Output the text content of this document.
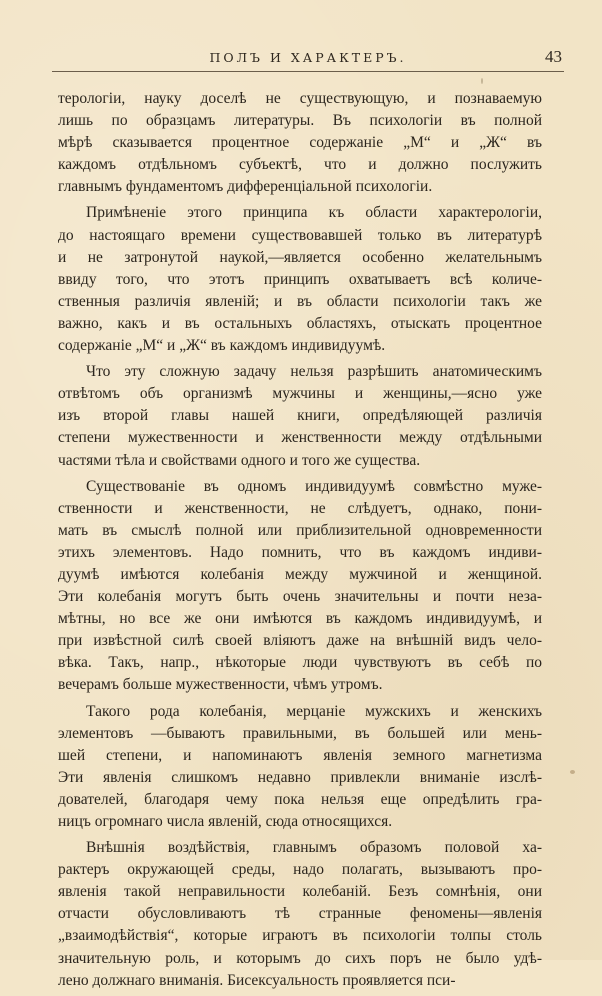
ПОЛЪ И ХАРАКТЕРЪ.	43

терологіи, науку доселѣ не существующую, и познаваемую
лишь по образцамъ литературы. Въ психологіи въ полной
мѣрѣ сказывается процентное содержаніе „М“ и „Ж“ въ
каждомъ отдѣльномъ субъектѣ, что и должно послужить
главнымъ фундаментомъ дифференціальной психологіи.

Примѣненіе этого принципа къ области характерологіи,
до настоящаго времени существовавшей только въ литературѣ
и не затронутой наукой,—является особенно желательнымъ
ввиду того, что этотъ принципъ охватываетъ всѣ количе-
ственныя различія явленій; и въ области психологіи такъ же
важно, какъ и въ остальныхъ областяхъ, отыскать процентное
содержаніе „М“ и „Ж“ въ каждомъ индивидуумѣ.

Что эту сложную задачу нельзя разрѣшить анатомическимъ
отвѣтомъ объ организмѣ мужчины и женщины,—ясно уже
изъ второй главы нашей книги, опредѣляющей различія
степени мужественности и женственности между отдѣльными
частями тѣла и свойствами одного и того же существа.

Существованіе въ одномъ индивидуумѣ совмѣстно муже-
ственности и женственности, не слѣдуетъ, однако, пони-
мать въ смыслѣ полной или приблизительной одновременности
этихъ элементовъ. Надо помнить, что въ каждомъ индиви-
дуумѣ имѣются колебанія между мужчиной и женщиной.
Эти колебанія могутъ быть очень значительны и почти неза-
мѣтны, но все же они имѣются въ каждомъ индивидуумѣ, и
при извѣстной силѣ своей вліяютъ даже на внѣшній видъ чело-
вѣка. Такъ, напр., нѣкоторые люди чувствуютъ въ себѣ по
вечерамъ больше мужественности, чѣмъ утромъ.

Такого рода колебанія, мерцаніе мужскихъ и женскихъ
элементовъ —бываютъ правильными, въ большей или мень-
шей степени, и напоминаютъ явленія земного магнетизма
Эти явленія слишкомъ недавно привлекли вниманіе изслѣ-
дователей, благодаря чему пока нельзя еще опредѣлить гра-
ницъ огромнаго числа явленій, сюда относящихся.

Внѣшнія воздѣйствія, главнымъ образомъ половой ха-
рактеръ окружающей среды, надо полагать, вызываютъ про-
явленія такой неправильности колебаній. Безъ сомнѣнія, они
отчасти обусловливаютъ тѣ странные феномены—явленія
„взаимодѣйствія“, которые играютъ въ психологіи толпы столь
значительную роль, и которымъ до сихъ поръ не было удѣ-
лено должнаго вниманія. Бисексуальность проявляется пси-
